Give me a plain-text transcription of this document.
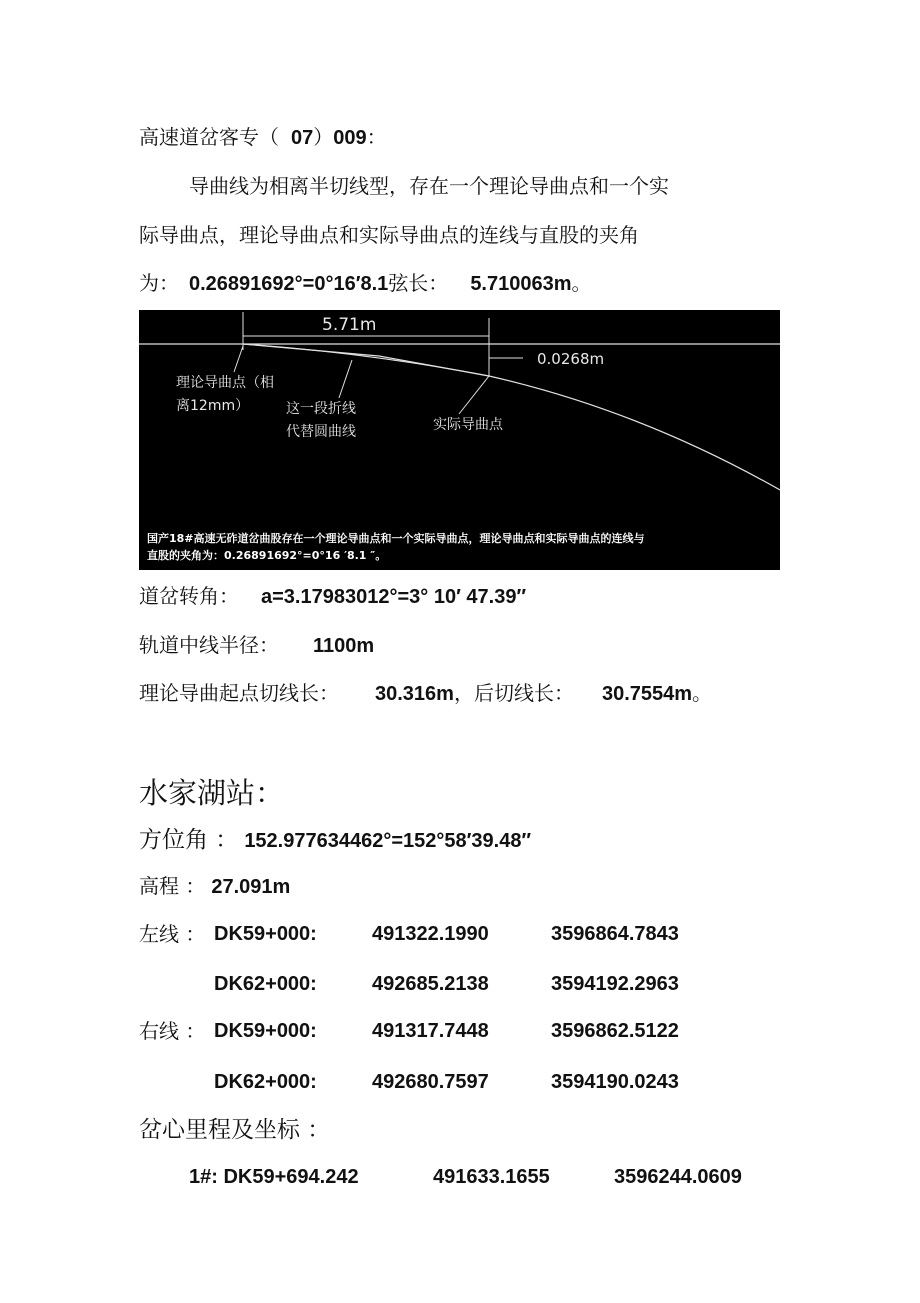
高速道岔客专（ 07）009：
导曲线为相离半切线型，存在一个理论导曲点和一个实
际导曲点，理论导曲点和实际导曲点的连线与直股的夹角
为： 0.26891692°=0°16′8.1弦长： 5.710063m。
5.71m
0.0268m
理论导曲点（相
离12mm）	这一段折线
代替圆曲线	实际导曲点
国产18#高速无砟道岔曲股存在一个理论导曲点和一个实际导曲点，理论导曲点和实际导曲点的连线与
直股的夹角为：0.26891692°=0°16 ′8.1 ″。
道岔转角： a=3.17983012°=3° 10′ 47.39″
轨道中线半径： 1100m
理论导曲起点切线长： 30.316m，后切线长： 30.7554m。
水家湖站：
方位角 ： 152.977634462°=152°58′39.48″
高程 ： 27.091m
左线 ： DK59+000:	491322.1990	3596864.7843
DK62+000:	492685.2138	3594192.2963
右线 ： DK59+000:	491317.7448	3596862.5122
DK62+000:	492680.7597	3594190.0243
岔心里程及坐标 ：
1#: DK59+694.242	491633.1655	3596244.0609
